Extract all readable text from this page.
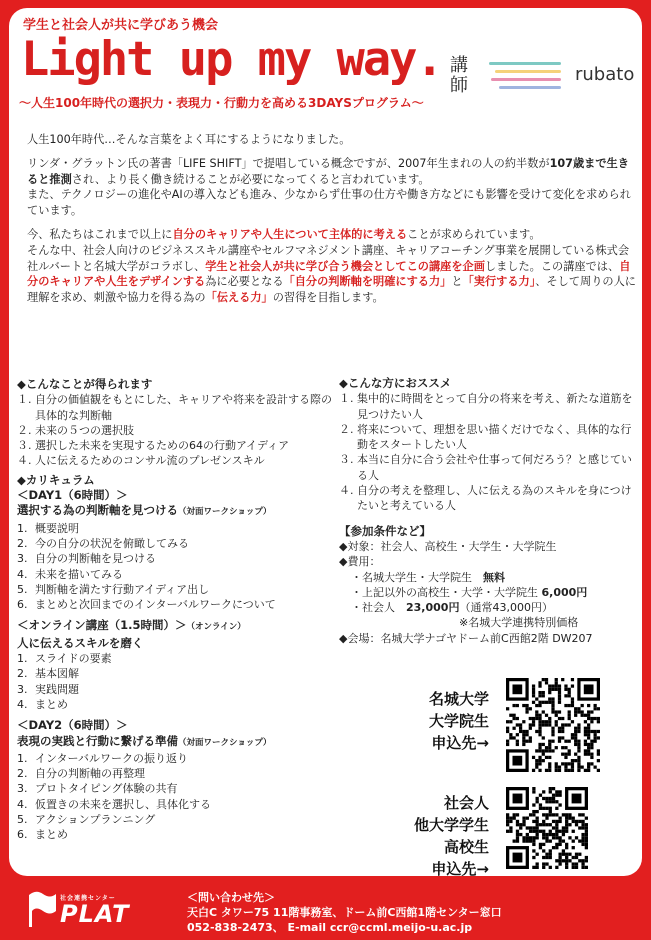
学生と社会人が共に学びあう機会
Light up my way.
～人生100年時代の選択力・表現力・行動力を高める3DAYSプログラム～
講師
rubato

人生100年時代…そんな言葉をよく耳にするようになりました。

リンダ・グラットン氏の著書「LIFE SHIFT」で提唱している概念ですが、2007年生まれの人の約半数が107歳まで生きると推測され、より長く働き続けることが必要になってくると言われています。
また、テクノロジーの進化やAIの導入なども進み、少なからず仕事の仕方や働き方などにも影響を受けて変化を求められています。

今、私たちはこれまで以上に自分のキャリアや人生について主体的に考えることが求められています。
そんな中、社会人向けのビジネススキル講座やセルフマネジメント講座、キャリアコーチング事業を展開している株式会社ルバートと名城大学がコラボし、学生と社会人が共に学び合う機会としてこの講座を企画しました。この講座では、自分のキャリアや人生をデザインする為に必要となる「自分の判断軸を明確にする力」と「実行する力」、そして周りの人に理解を求め、刺激や協力を得る為の「伝える力」の習得を目指します。

◆こんなことが得られます
１. 自分の価値観をもとにした、キャリアや将来を設計する際の具体的な判断軸
２. 未来の５つの選択肢
３. 選択した未来を実現するための64の行動アイディア
４. 人に伝えるためのコンサル流のプレゼンスキル
◆カリキュラム
＜DAY1（6時間）＞
選択する為の判断軸を見つける（対面ワークショップ）
1. 概要説明
2. 今の自分の状況を俯瞰してみる
3. 自分の判断軸を見つける
4. 未来を描いてみる
5. 判断軸を満たす行動アイディア出し
6. まとめと次回までのインターバルワークについて
＜オンライン講座（1.5時間）＞（オンライン）
人に伝えるスキルを磨く
1. スライドの要素
2. 基本図解
3. 実践問題
4. まとめ
＜DAY2（6時間）＞
表現の実践と行動に繋げる準備（対面ワークショップ）
1. インターバルワークの振り返り
2. 自分の判断軸の再整理
3. プロトタイピング体験の共有
4. 仮置きの未来を選択し、具体化する
5. アクションプランニング
6. まとめ
◆こんな方におススメ
１. 集中的に時間をとって自分の将来を考え、新たな道筋を見つけたい人
２. 将来について、理想を思い描くだけでなく、具体的な行動をスタートしたい人
３. 本当に自分に合う会社や仕事って何だろう？と感じている人
４. 自分の考えを整理し、人に伝える為のスキルを身につけたいと考えている人
【参加条件など】
◆対象：社会人、高校生・大学生・大学院生
◆費用：
・名城大学生・大学院生　無料
・上記以外の高校生・大学・大学院生 6,000円
・社会人　23,000円（通常43,000円）
※名城大学連携特別価格
◆会場：名城大学ナゴヤドーム前C西館2階 DW207
名城大学
大学院生
申込先→
社会人
他大学学生
高校生
申込先→
社会連携センター
PLAT
＜問い合わせ先＞
天白C タワー75 11階事務室、ドーム前C西館1階センター窓口
052-838-2473、 E-mail ccr@ccml.meijo-u.ac.jp
